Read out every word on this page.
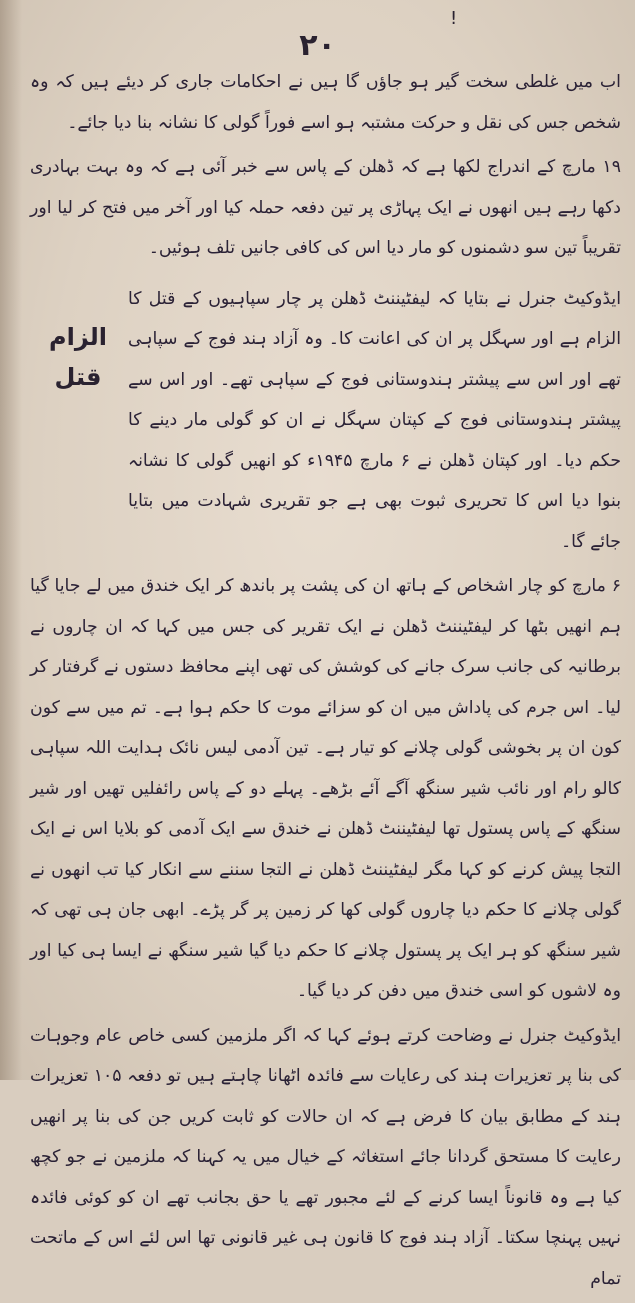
!
۲۰

اب میں غلطی سخت گیر ہو جاؤں گا ہیں نے احکامات جاری کر دیئے ہیں کہ وہ شخص جس کی نقل و حرکت مشتبہ ہو اسے فوراً گولی کا نشانہ بنا دیا جائے۔

۱۹ مارچ کے اندراج لکھا ہے کہ ڈھلن کے پاس سے خبر آئی ہے کہ وہ بہت بہادری دکھا رہے ہیں انھوں نے ایک پہاڑی پر تین دفعہ حملہ کیا اور آخر میں فتح کر لیا اور تقریباً تین سو دشمنوں کو مار دیا اس کی کافی جانیں تلف ہوئیں۔

الزام قتل

ایڈوکیٹ جنرل نے بتایا کہ لیفٹیننٹ ڈھلن پر چار سپاہیوں کے قتل کا الزام ہے اور سہگل پر ان کی اعانت کا۔ وہ آزاد ہند فوج کے سپاہی تھے اور اس سے پیشتر ہندوستانی فوج کے سپاہی تھے۔ اور اس سے پیشتر ہندوستانی فوج کے کپتان سہگل نے ان کو گولی مار دینے کا حکم دیا۔ اور کپتان ڈھلن نے ۶ مارچ ۱۹۴۵ء کو انھیں گولی کا نشانہ بنوا دیا اس کا تحریری ثبوت بھی ہے جو تقریری شہادت میں بتایا جائے گا۔

۶ مارچ کو چار اشخاص کے ہاتھ ان کی پشت پر باندھ کر ایک خندق میں لے جایا گیا ہم انھیں بٹھا کر لیفٹیننٹ ڈھلن نے ایک تقریر کی جس میں کہا کہ ان چاروں نے برطانیہ کی جانب سرک جانے کی کوشش کی تھی اپنے محافظ دستوں نے گرفتار کر لیا۔ اس جرم کی پاداش میں ان کو سزائے موت کا حکم ہوا ہے۔ تم میں سے کون کون ان پر بخوشی گولی چلانے کو تیار ہے۔ تین آدمی لیس نائک ہدایت اللہ سپاہی کالو رام اور نائب شیر سنگھ آگے آئے بڑھے۔ پہلے دو کے پاس رائفلیں تھیں اور شیر سنگھ کے پاس پستول تھا لیفٹیننٹ ڈھلن نے خندق سے ایک آدمی کو بلایا اس نے ایک التجا پیش کرنے کو کہا مگر لیفٹیننٹ ڈھلن نے التجا سننے سے انکار کیا تب انھوں نے گولی چلانے کا حکم دیا چاروں گولی کھا کر زمین پر گر پڑے۔ ابھی جان ہی تھی کہ شیر سنگھ کو ہر ایک پر پستول چلانے کا حکم دیا گیا شیر سنگھ نے ایسا ہی کیا اور وہ لاشوں کو اسی خندق میں دفن کر دیا گیا۔

ایڈوکیٹ جنرل نے وضاحت کرتے ہوئے کہا کہ اگر ملزمین کسی خاص عام وجوہات کی بنا پر تعزیرات ہند کی رعایات سے فائدہ اٹھانا چاہتے ہیں تو دفعہ ۱۰۵ تعزیرات ہند کے مطابق بیان کا فرض ہے کہ ان حالات کو ثابت کریں جن کی بنا پر انھیں رعایت کا مستحق گردانا جائے استغاثہ کے خیال میں یہ کہنا کہ ملزمین نے جو کچھ کیا ہے وہ قانوناً ایسا کرنے کے لئے مجبور تھے یا حق بجانب تھے ان کو کوئی فائدہ نہیں پہنچا سکتا۔ آزاد ہند فوج کا قانون ہی غیر قانونی تھا اس لئے اس کے ماتحت تمام
